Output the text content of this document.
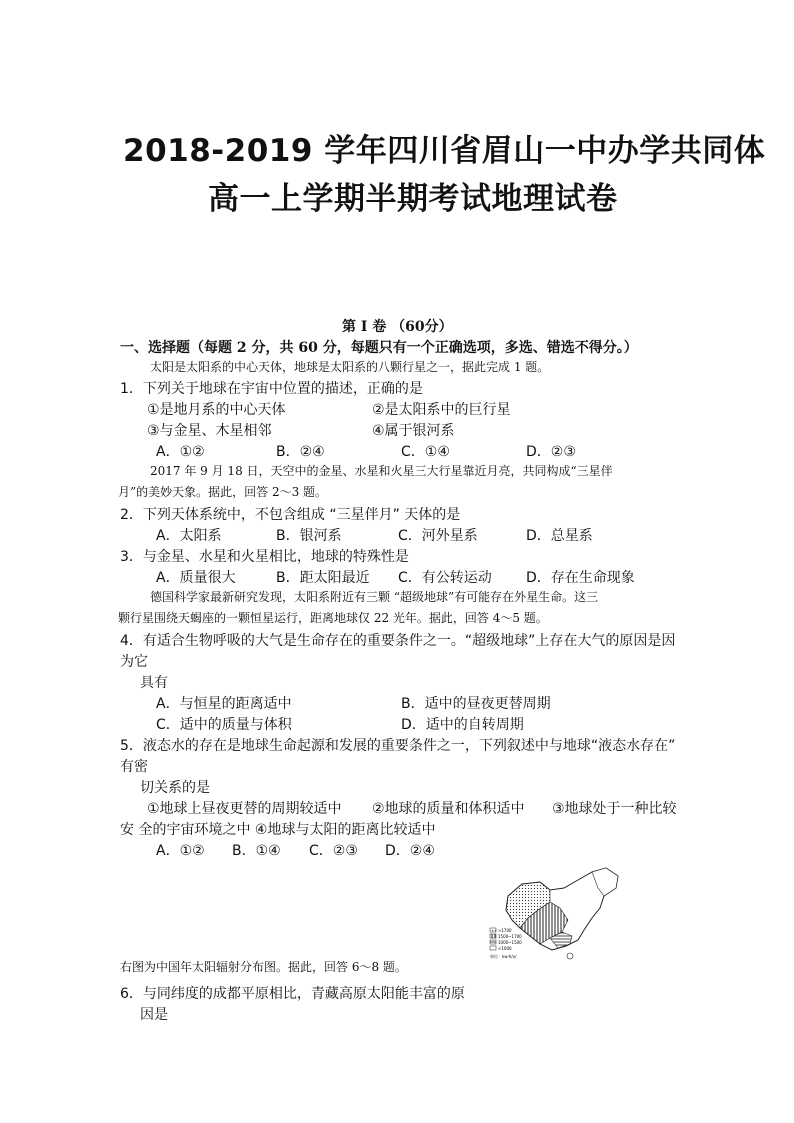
2018-2019 学年四川省眉山一中办学共同体
高一上学期半期考试地理试卷
第 I 卷 （60分）
一、选择题（每题 2 分，共 60 分，每题只有一个正确选项，多选、错选不得分。）
太阳是太阳系的中心天体，地球是太阳系的八颗行星之一，据此完成 1 题。
1．下列关于地球在宇宙中位置的描述，正确的是
①是地月系的中心天体	②是太阳系中的巨行星
③与金星、木星相邻	④属于银河系
A．①②	B．②④	C．①④	D．②③
2017 年 9 月 18 日，天空中的金星、水星和火星三大行星靠近月亮，共同构成“三星伴
月”的美妙天象。据此，回答 2～3 题。
2．下列天体系统中，不包含组成 “三星伴月” 天体的是
A．太阳系	B．银河系	C．河外星系	D．总星系
3．与金星、水星和火星相比，地球的特殊性是
A．质量很大	B．距太阳最近 C．有公转运动 D．存在生命现象
德国科学家最新研究发现，太阳系附近有三颗 “超级地球”有可能存在外星生命。这三
颗行星围绕天蝎座的一颗恒星运行，距离地球仅 22 光年。据此，回答 4～5 题。
4．有适合生物呼吸的大气是生命存在的重要条件之一。“超级地球”上存在大气的原因是因
为它
具有
A．与恒星的距离适中	B．适中的昼夜更替周期
C．适中的质量与体积	D．适中的自转周期
5．液态水的存在是地球生命起源和发展的重要条件之一，下列叙述中与地球“液态水存在”
有密
切关系的是
①地球上昼夜更替的周期较适中 ②地球的质量和体积适中 ③地球处于一种比较
安 全的宇宙环境之中 ④地球与太阳的距离比较适中
A．①② B．①④ C．②③ D．②④
>1700
1500~1700
1000~1500
<1000
单位：kw·h/㎡
右图为中国年太阳辐射分布图。据此，回答 6～8 题。
6．与同纬度的成都平原相比，青藏高原太阳能丰富的原
因是
